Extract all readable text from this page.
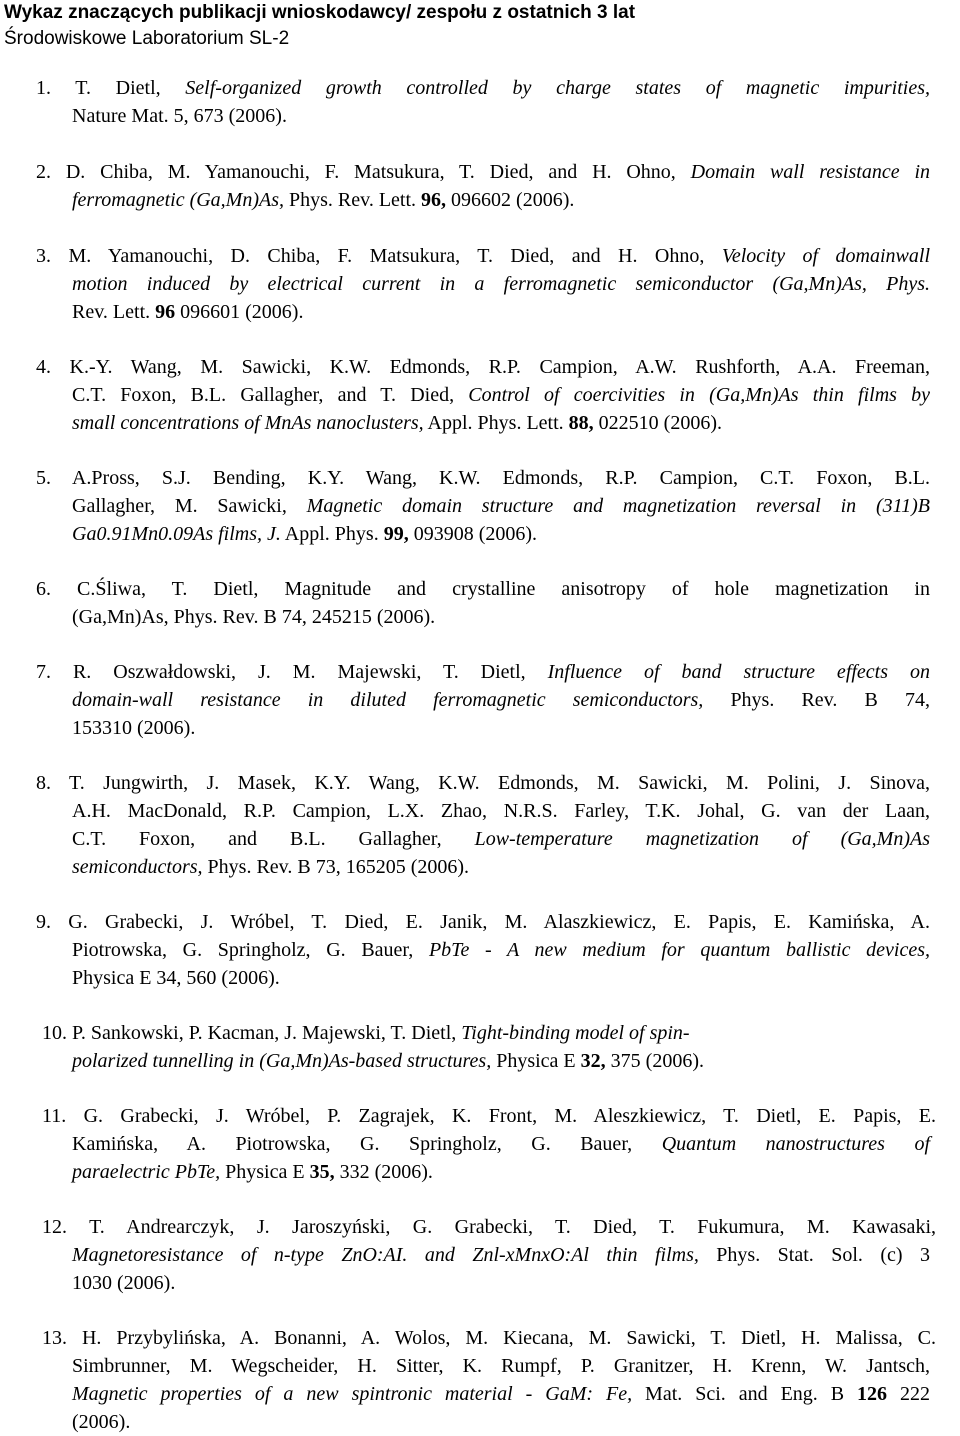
Wykaz znaczących publikacji wnioskodawcy/ zespołu z ostatnich 3 lat
Środowiskowe Laboratorium SL-2
1. T. Dietl, Self-organized growth controlled by charge states of magnetic impurities,
Nature Mat. 5, 673 (2006).
2. D. Chiba, M. Yamanouchi, F. Matsukura, T. Died, and H. Ohno, Domain wall resistance in
ferromagnetic (Ga,Mn)As, Phys. Rev. Lett. 96, 096602 (2006).
3. M. Yamanouchi, D. Chiba, F. Matsukura, T. Died, and H. Ohno, Velocity of domainwall
motion induced by electrical current in a ferromagnetic semiconductor (Ga,Mn)As, Phys.
Rev. Lett. 96 096601 (2006).
4. K.-Y. Wang, M. Sawicki, K.W. Edmonds, R.P. Campion, A.W. Rushforth, A.A. Freeman,
C.T. Foxon, B.L. Gallagher, and T. Died, Control of coercivities in (Ga,Mn)As thin films by
small concentrations of MnAs nanoclusters, Appl. Phys. Lett. 88, 022510 (2006).
5. A.Pross, S.J. Bending, K.Y. Wang, K.W. Edmonds, R.P. Campion, C.T. Foxon, B.L.
Gallagher, M. Sawicki, Magnetic domain structure and magnetization reversal in (311)B
Ga0.91Mn0.09As films, J. Appl. Phys. 99, 093908 (2006).
6. C.Śliwa, T. Dietl, Magnitude and crystalline anisotropy of hole magnetization in
(Ga,Mn)As, Phys. Rev. B 74, 245215 (2006).
7. R. Oszwałdowski, J. M. Majewski, T. Dietl, Influence of band structure effects on
domain-wall resistance in diluted ferromagnetic semiconductors, Phys. Rev. B 74,
153310 (2006).
8. T. Jungwirth, J. Masek, K.Y. Wang, K.W. Edmonds, M. Sawicki, M. Polini, J. Sinova,
A.H. MacDonald, R.P. Campion, L.X. Zhao, N.R.S. Farley, T.K. Johal, G. van der Laan,
C.T. Foxon, and B.L. Gallagher, Low-temperature magnetization of (Ga,Mn)As
semiconductors, Phys. Rev. B 73, 165205 (2006).
9. G. Grabecki, J. Wróbel, T. Died, E. Janik, M. Alaszkiewicz, E. Papis, E. Kamińska, A.
Piotrowska, G. Springholz, G. Bauer, PbTe - A new medium for quantum ballistic devices,
Physica E 34, 560 (2006).
10. P. Sankowski, P. Kacman, J. Majewski, T. Dietl, Tight-binding model of spin-
polarized tunnelling in (Ga,Mn)As-based structures, Physica E 32, 375 (2006).
11. G. Grabecki, J. Wróbel, P. Zagrajek, K. Front, M. Aleszkiewicz, T. Dietl, E. Papis, E.
Kamińska, A. Piotrowska, G. Springholz, G. Bauer, Quantum nanostructures of
paraelectric PbTe, Physica E 35, 332 (2006).
12. T. Andrearczyk, J. Jaroszyński, G. Grabecki, T. Died, T. Fukumura, M. Kawasaki,
Magnetoresistance of n-type ZnO:AI. and Znl-xMnxO:Al thin films, Phys. Stat. Sol. (c) 3
1030 (2006).
13. H. Przybylińska, A. Bonanni, A. Wolos, M. Kiecana, M. Sawicki, T. Dietl, H. Malissa, C.
Simbrunner, M. Wegscheider, H. Sitter, K. Rumpf, P. Granitzer, H. Krenn, W. Jantsch,
Magnetic properties of a new spintronic material - GaM: Fe, Mat. Sci. and Eng. B 126 222
(2006).
